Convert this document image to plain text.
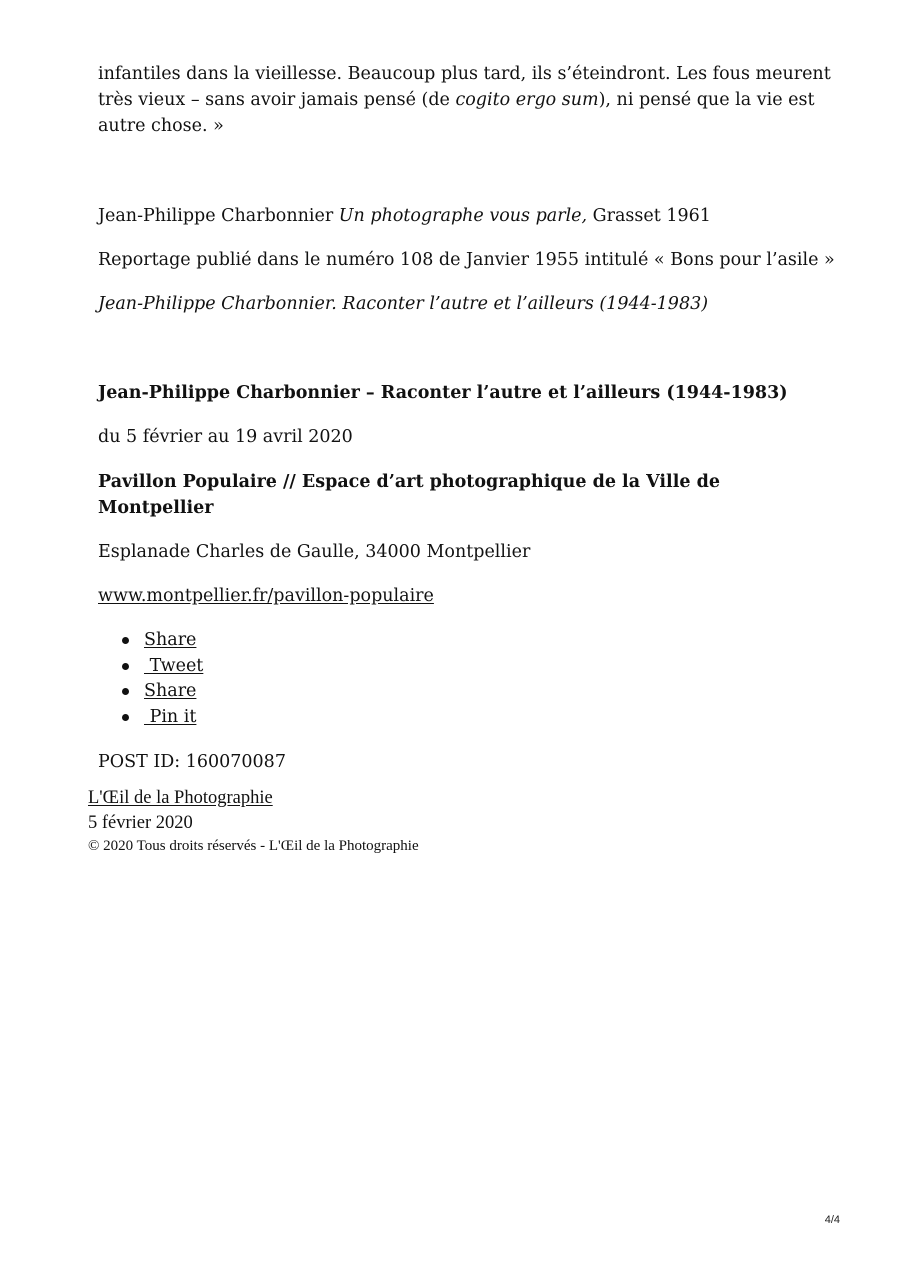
infantiles dans la vieillesse. Beaucoup plus tard, ils s’éteindront. Les fous meurent très vieux – sans avoir jamais pensé (de cogito ergo sum), ni pensé que la vie est autre chose. »

Jean-Philippe Charbonnier Un photographe vous parle, Grasset 1961

Reportage publié dans le numéro 108 de Janvier 1955 intitulé « Bons pour l’asile »

Jean-Philippe Charbonnier. Raconter l’autre et l’ailleurs (1944-1983)

Jean-Philippe Charbonnier – Raconter l’autre et l’ailleurs (1944-1983)

du 5 février au 19 avril 2020

Pavillon Populaire // Espace d’art photographique de la Ville de Montpellier

Esplanade Charles de Gaulle, 34000 Montpellier

www.montpellier.fr/pavillon-populaire

Share
Tweet
Share
Pin it

POST ID: 160070087

L'Œil de la Photographie
5 février 2020
© 2020 Tous droits réservés - L'Œil de la Photographie
4/4
